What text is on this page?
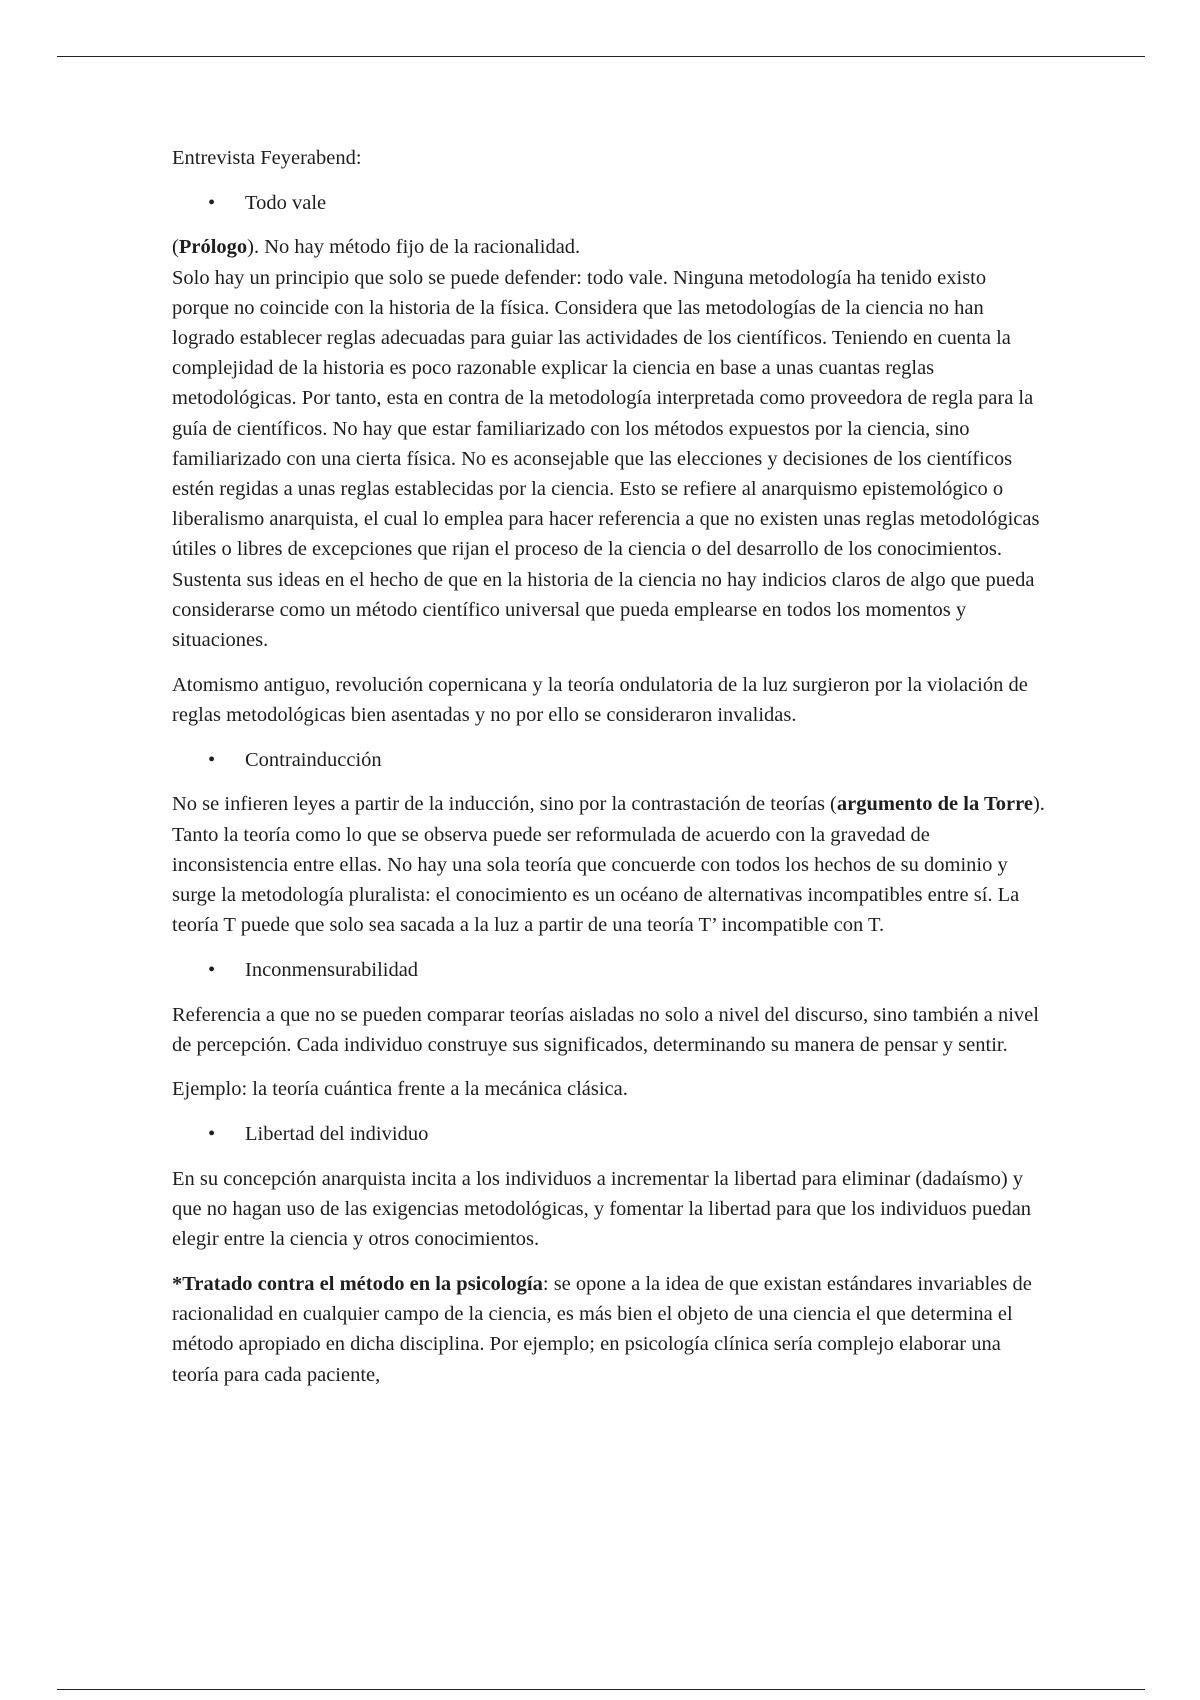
Entrevista Feyerabend:

• Todo vale

(Prólogo). No hay método fijo de la racionalidad.

Solo hay un principio que solo se puede defender: todo vale. Ninguna metodología ha tenido existo porque no coincide con la historia de la física. Considera que las metodologías de la ciencia no han logrado establecer reglas adecuadas para guiar las actividades de los científicos. Teniendo en cuenta la complejidad de la historia es poco razonable explicar la ciencia en base a unas cuantas reglas metodológicas. Por tanto, esta en contra de la metodología interpretada como proveedora de regla para la guía de científicos. No hay que estar familiarizado con los métodos expuestos por la ciencia, sino familiarizado con una cierta física. No es aconsejable que las elecciones y decisiones de los científicos estén regidas a unas reglas establecidas por la ciencia. Esto se refiere al anarquismo epistemológico o liberalismo anarquista, el cual lo emplea para hacer referencia a que no existen unas reglas metodológicas útiles o libres de excepciones que rijan el proceso de la ciencia o del desarrollo de los conocimientos. Sustenta sus ideas en el hecho de que en la historia de la ciencia no hay indicios claros de algo que pueda considerarse como un método científico universal que pueda emplearse en todos los momentos y situaciones.

Atomismo antiguo, revolución copernicana y la teoría ondulatoria de la luz surgieron por la violación de reglas metodológicas bien asentadas y no por ello se consideraron invalidas.

• Contrainducción

No se infieren leyes a partir de la inducción, sino por la contrastación de teorías (argumento de la Torre). Tanto la teoría como lo que se observa puede ser reformulada de acuerdo con la gravedad de inconsistencia entre ellas. No hay una sola teoría que concuerde con todos los hechos de su dominio y surge la metodología pluralista: el conocimiento es un océano de alternativas incompatibles entre sí. La teoría T puede que solo sea sacada a la luz a partir de una teoría T’ incompatible con T.

• Inconmensurabilidad

Referencia a que no se pueden comparar teorías aisladas no solo a nivel del discurso, sino también a nivel de percepción. Cada individuo construye sus significados, determinando su manera de pensar y sentir.

Ejemplo: la teoría cuántica frente a la mecánica clásica.

• Libertad del individuo

En su concepción anarquista incita a los individuos a incrementar la libertad para eliminar (dadaísmo) y que no hagan uso de las exigencias metodológicas, y fomentar la libertad para que los individuos puedan elegir entre la ciencia y otros conocimientos.

*Tratado contra el método en la psicología: se opone a la idea de que existan estándares invariables de racionalidad en cualquier campo de la ciencia, es más bien el objeto de una ciencia el que determina el método apropiado en dicha disciplina. Por ejemplo; en psicología clínica sería complejo elaborar una teoría para cada paciente,
